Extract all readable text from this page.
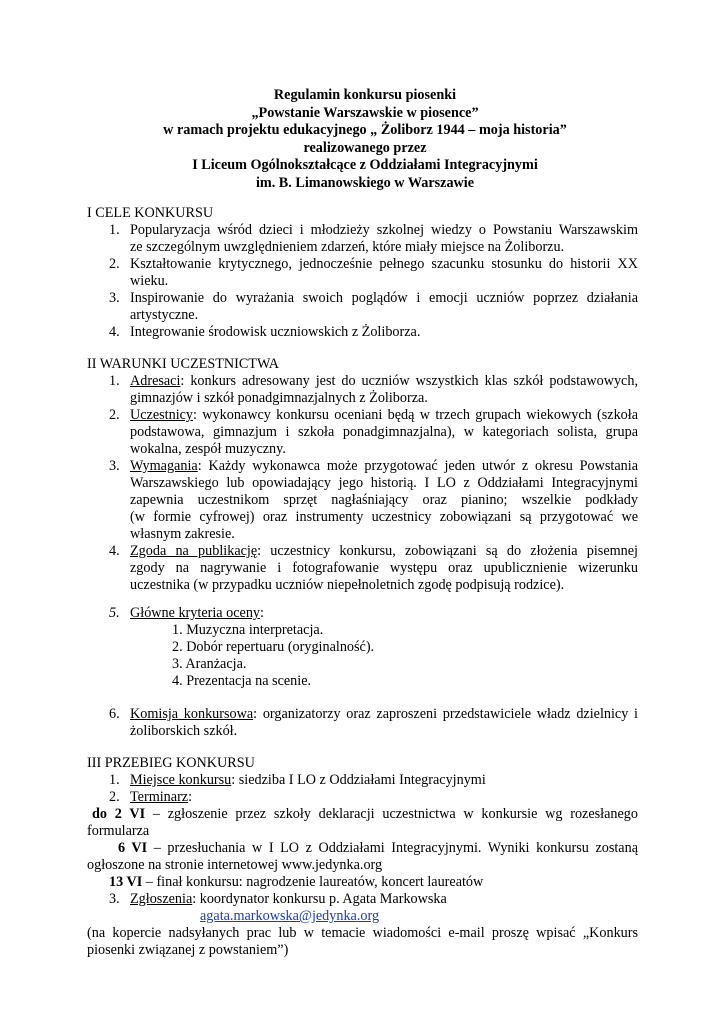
Regulamin konkursu piosenki
„Powstanie Warszawskie w piosence”
w ramach projektu edukacyjnego „ Żoliborz 1944 – moja historia”
realizowanego przez
I Liceum Ogólnokształcące z Oddziałami Integracyjnymi
im. B. Limanowskiego w Warszawie
I CELE KONKURSU
1. Popularyzacja wśród dzieci i młodzieży szkolnej wiedzy o Powstaniu Warszawskim
ze szczególnym uwzględnieniem zdarzeń, które miały miejsce na Żoliborzu.
2. Kształtowanie krytycznego, jednocześnie pełnego szacunku stosunku do historii XX
wieku.
3. Inspirowanie do wyrażania swoich poglądów i emocji uczniów poprzez działania
artystyczne.
4. Integrowanie środowisk uczniowskich z Żoliborza.
II WARUNKI UCZESTNICTWA
1. Adresaci: konkurs adresowany jest do uczniów wszystkich klas szkół podstawowych,
gimnazjów i szkół ponadgimnazjalnych z Żoliborza.
2. Uczestnicy: wykonawcy konkursu oceniani będą w trzech grupach wiekowych (szkoła
podstawowa, gimnazjum i szkoła ponadgimnazjalna), w kategoriach solista, grupa
wokalna, zespół muzyczny.
3. Wymagania: Każdy wykonawca może przygotować jeden utwór z okresu Powstania
Warszawskiego lub opowiadający jego historią. I LO z Oddziałami Integracyjnymi
zapewnia uczestnikom sprzęt nagłaśniający oraz pianino; wszelkie podkłady
(w formie cyfrowej) oraz instrumenty uczestnicy zobowiązani są przygotować we
własnym zakresie.
4. Zgoda na publikację: uczestnicy konkursu, zobowiązani są do złożenia pisemnej
zgody na nagrywanie i fotografowanie występu oraz upublicznienie wizerunku
uczestnika (w przypadku uczniów niepełnoletnich zgodę podpisują rodzice).
5. Główne kryteria oceny:
1. Muzyczna interpretacja.
2. Dobór repertuaru (oryginalność).
3. Aranżacja.
4. Prezentacja na scenie.
6. Komisja konkursowa: organizatorzy oraz zaproszeni przedstawiciele władz dzielnicy i
żoliborskich szkół.
III PRZEBIEG KONKURSU
1. Miejsce konkursu: siedziba I LO z Oddziałami Integracyjnymi
2. Terminarz:
do 2 VI – zgłoszenie przez szkoły deklaracji uczestnictwa w konkursie wg rozesłanego
formularza
6 VI – przesłuchania w I LO z Oddziałami Integracyjnymi. Wyniki konkursu zostaną
ogłoszone na stronie internetowej www.jedynka.org
13 VI – finał konkursu: nagrodzenie laureatów, koncert laureatów
3. Zgłoszenia: koordynator konkursu p. Agata Markowska
agata.markowska@jedynka.org
(na kopercie nadsyłanych prac lub w temacie wiadomości e-mail proszę wpisać „Konkurs
piosenki związanej z powstaniem”)
